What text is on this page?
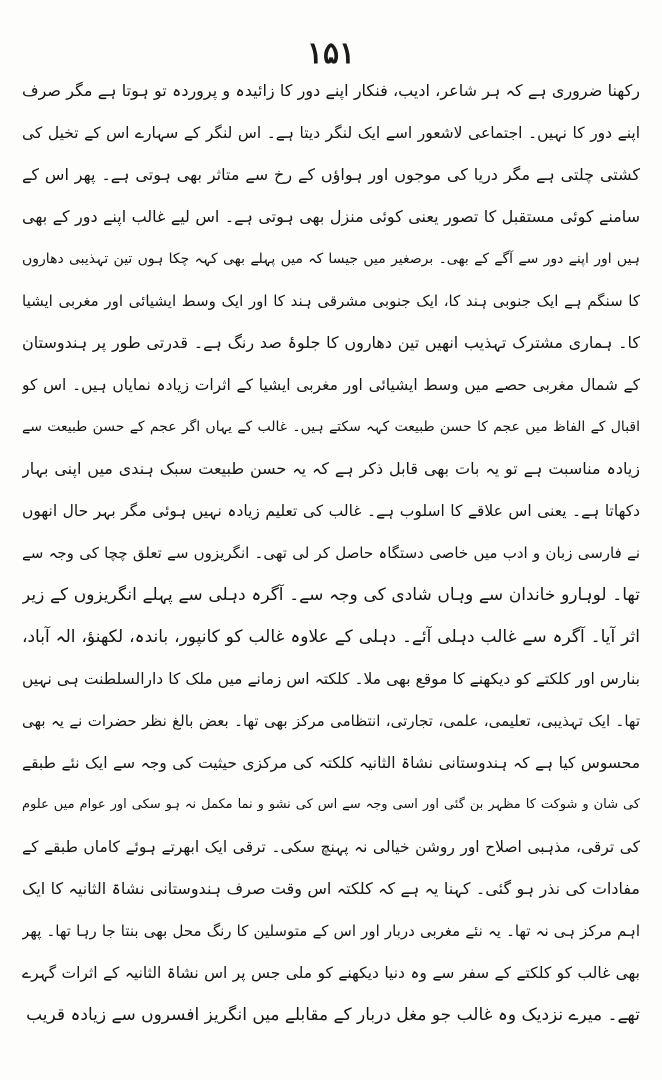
۱۵۱
رکھنا ضروری ہے کہ ہر شاعر، ادیب، فنکار اپنے دور کا زائیدہ و پروردہ تو ہوتا ہے مگر صرف
اپنے دور کا نہیں۔ اجتماعی لاشعور اسے ایک لنگر دیتا ہے۔ اس لنگر کے سہارے اس کے تخیل کی
کشتی چلتی ہے مگر دریا کی موجوں اور ہواؤں کے رخ سے متاثر بھی ہوتی ہے۔ پھر اس کے
سامنے کوئی مستقبل کا تصور یعنی کوئی منزل بھی ہوتی ہے۔ اس لیے غالب اپنے دور کے بھی
ہیں اور اپنے دور سے آگے کے بھی۔ برصغیر میں جیسا کہ میں پہلے بھی کہہ چکا ہوں تین تہذیبی دھاروں
کا سنگم ہے ایک جنوبی ہند کا، ایک جنوبی مشرقی ہند کا اور ایک وسط ایشیائی اور مغربی ایشیا
کا۔ ہماری مشترک تہذیب انھیں تین دھاروں کا جلوۂ صد رنگ ہے۔ قدرتی طور پر ہندوستان
کے شمال مغربی حصے میں وسط ایشیائی اور مغربی ایشیا کے اثرات زیادہ نمایاں ہیں۔ اس کو
اقبال کے الفاظ میں عجم کا حسن طبیعت کہہ سکتے ہیں۔ غالب کے یہاں اگر عجم کے حسن طبیعت سے
زیادہ مناسبت ہے تو یہ بات بھی قابل ذکر ہے کہ یہ حسن طبیعت سبک ہندی میں اپنی بہار
دکھاتا ہے۔ یعنی اس علاقے کا اسلوب ہے۔ غالب کی تعلیم زیادہ نہیں ہوئی مگر بہر حال انھوں
نے فارسی زبان و ادب میں خاصی دستگاہ حاصل کر لی تھی۔ انگریزوں سے تعلق چچا کی وجہ سے
تھا۔ لوہارو خاندان سے وہاں شادی کی وجہ سے۔ آگرہ دہلی سے پہلے انگریزوں کے زیر
اثر آیا۔ آگرہ سے غالب دہلی آئے۔ دہلی کے علاوہ غالب کو کانپور، باندہ، لکھنؤ، الہ آباد،
بنارس اور کلکتے کو دیکھنے کا موقع بھی ملا۔ کلکتہ اس زمانے میں ملک کا دارالسلطنت ہی نہیں
تھا۔ ایک تہذیبی، تعلیمی، علمی، تجارتی، انتظامی مرکز بھی تھا۔ بعض بالغ نظر حضرات نے یہ بھی
محسوس کیا ہے کہ ہندوستانی نشاۃ الثانیہ کلکتہ کی مرکزی حیثیت کی وجہ سے ایک نئے طبقے
کی شان و شوکت کا مظہر بن گئی اور اسی وجہ سے اس کی نشو و نما مکمل نہ ہو سکی اور عوام میں علوم
کی ترقی، مذہبی اصلاح اور روشن خیالی نہ پہنچ سکی۔ ترقی ایک ابھرتے ہوئے کاماں طبقے کے
مفادات کی نذر ہو گئی۔ کہنا یہ ہے کہ کلکتہ اس وقت صرف ہندوستانی نشاۃ الثانیہ کا ایک
اہم مرکز ہی نہ تھا۔ یہ نئے مغربی دربار اور اس کے متوسلین کا رنگ محل بھی بنتا جا رہا تھا۔ پھر
بھی غالب کو کلکتے کے سفر سے وہ دنیا دیکھنے کو ملی جس پر اس نشاۃ الثانیہ کے اثرات گہرے
تھے۔ میرے نزدیک وہ غالب جو مغل دربار کے مقابلے میں انگریز افسروں سے زیادہ قریب
